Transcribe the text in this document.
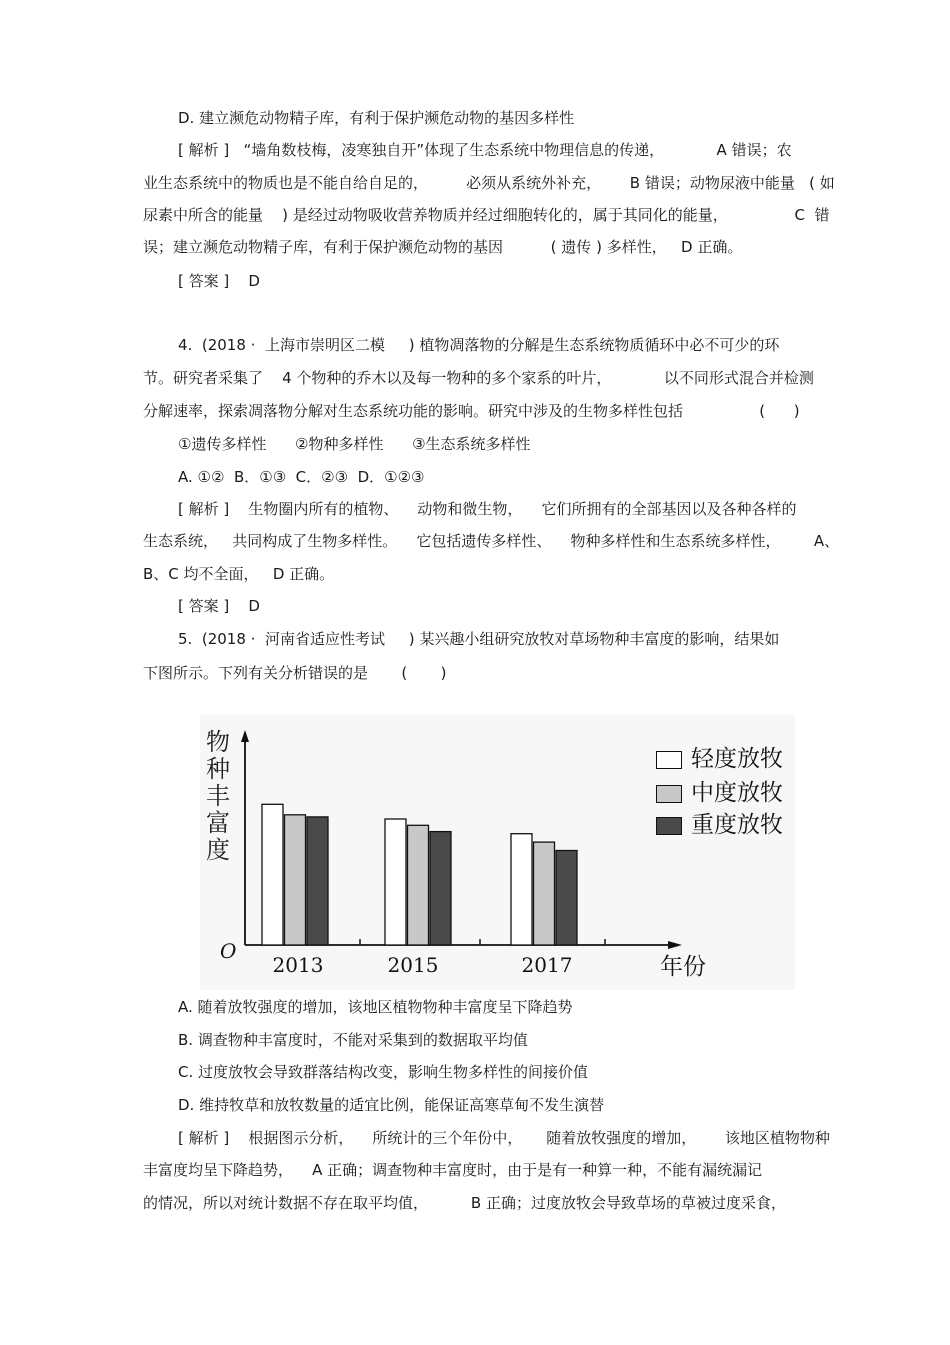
D. 建立濒危动物精子库，有利于保护濒危动物的基因多样性
[ 解析 ]   “墙角数枝梅，凌寒独自开”体现了生态系统中物理信息的传递，           A 错误；农
业生态系统中的物质也是不能自给自足的，        必须从系统外补充，      B 错误；动物尿液中能量   ( 如
尿素中所含的能量    ) 是经过动物吸收营养物质并经过细胞转化的，属于其同化的能量，              C  错
误；建立濒危动物精子库，有利于保护濒危动物的基因          ( 遗传 ) 多样性，   D 正确。
[ 答案 ]    D
4.  (2018 ·  上海市崇明区二模     ) 植物凋落物的分解是生态系统物质循环中必不可少的环
节。研究者采集了    4 个物种的乔木以及每一物种的多个家系的叶片，           以不同形式混合并检测
分解速率，探索凋落物分解对生态系统功能的影响。研究中涉及的生物多样性包括                (      )
①遗传多样性      ②物种多样性      ③生态系统多样性
A. ①②  B．①③  C．②③  D．①②③
[ 解析 ]    生物圈内所有的植物、    动物和微生物，    它们所拥有的全部基因以及各种各样的
生态系统，   共同构成了生物多样性。    它包括遗传多样性、    物种多样性和生态系统多样性，       A、
B、C 均不全面，   D 正确。
[ 答案 ]    D
5.  (2018 ·  河南省适应性考试     ) 某兴趣小组研究放牧对草场物种丰富度的影响，结果如
下图所示。下列有关分析错误的是       (       )
A. 随着放牧强度的增加，该地区植物物种丰富度呈下降趋势
B. 调查物种丰富度时，不能对采集到的数据取平均值
C. 过度放牧会导致群落结构改变，影响生物多样性的间接价值
D. 维持牧草和放牧数量的适宜比例，能保证高寒草甸不发生演替
[ 解析 ]    根据图示分析，    所统计的三个年份中，     随着放牧强度的增加，      该地区植物物种
丰富度均呈下降趋势，    A 正确；调查物种丰富度时，由于是有一种算一种，不能有漏统漏记
的情况，所以对统计数据不存在取平均值，         B 正确；过度放牧会导致草场的草被过度采食，
物种丰富度
O
2013	2015	2017	年份
轻度放牧
中度放牧
重度放牧
